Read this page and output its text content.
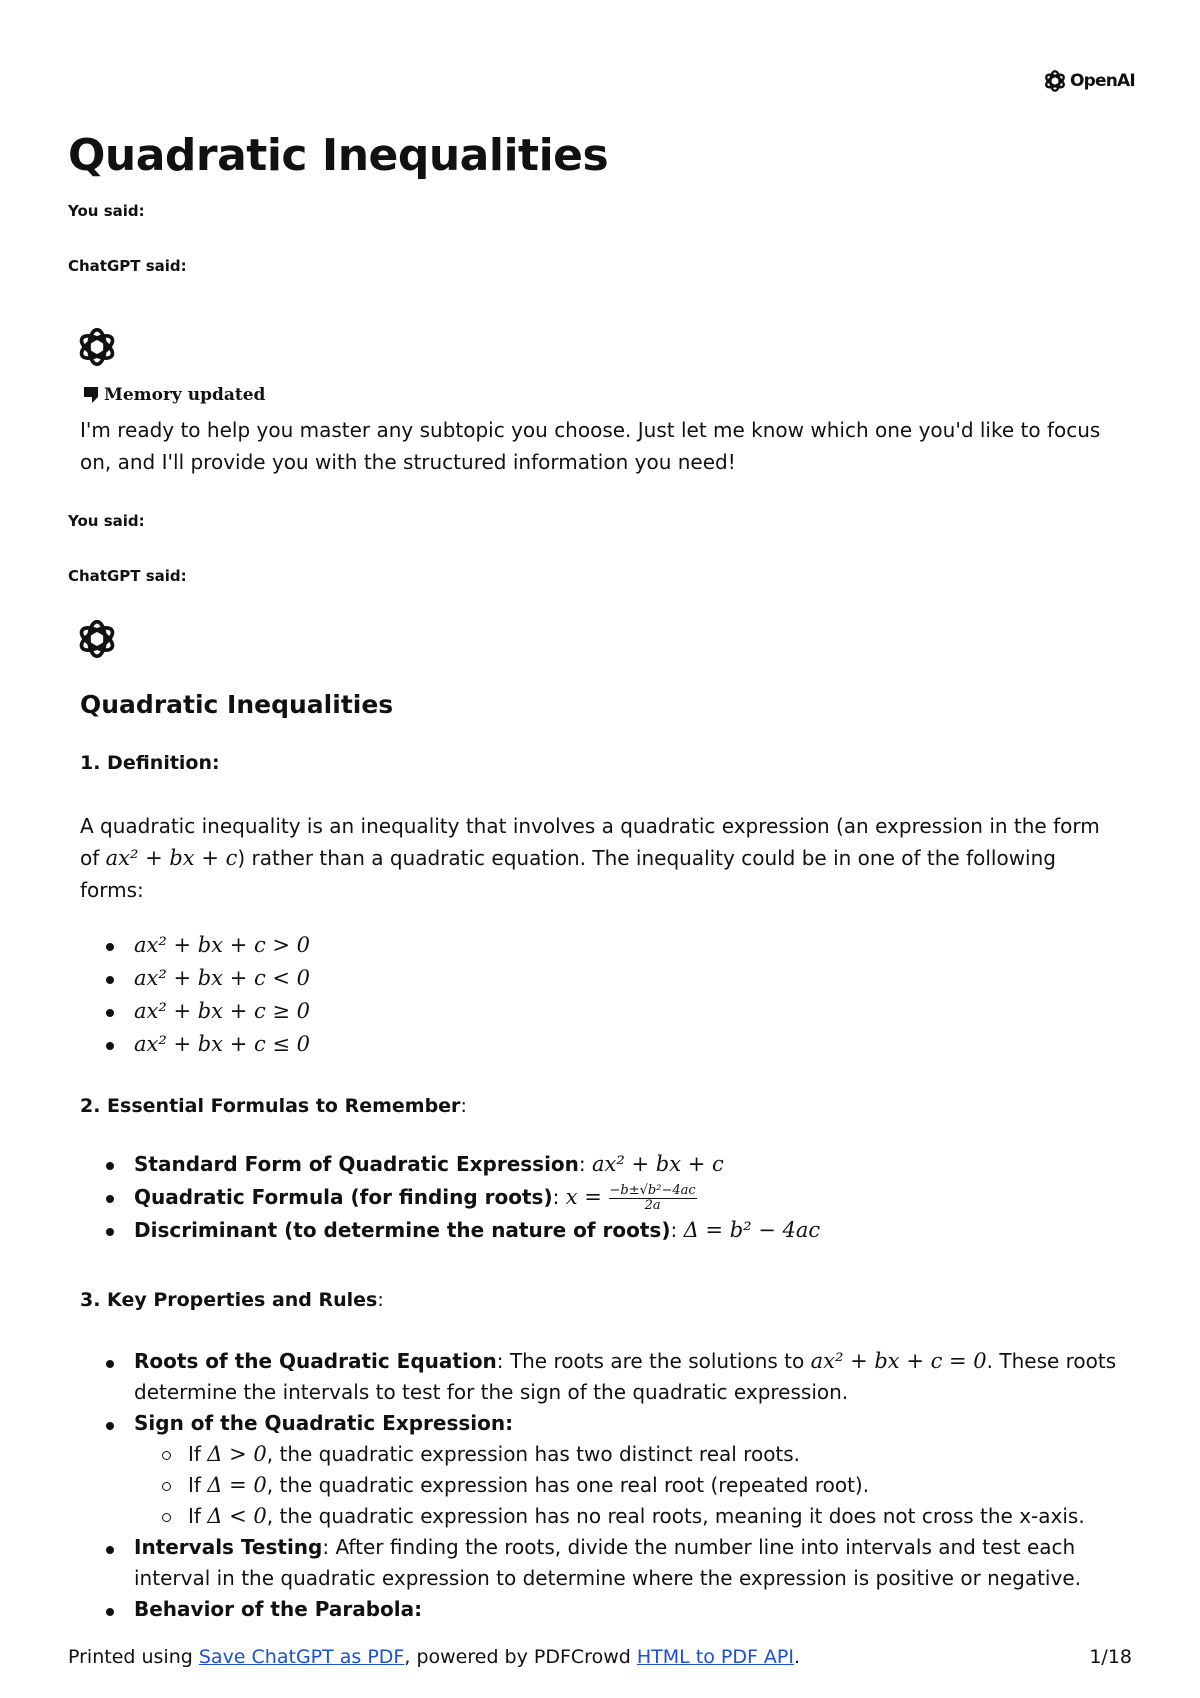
OpenAI
Quadratic Inequalities

You said:

ChatGPT said:

Memory updated

I'm ready to help you master any subtopic you choose. Just let me know which one you'd like to focus on, and I'll provide you with the structured information you need!

You said:

ChatGPT said:

Quadratic Inequalities
1. Definition:

A quadratic inequality is an inequality that involves a quadratic expression (an expression in the form of ax² + bx + c) rather than a quadratic equation. The inequality could be in one of the following forms:

ax² + bx + c > 0
ax² + bx + c < 0
ax² + bx + c ≥ 0
ax² + bx + c ≤ 0
2. Essential Formulas to Remember:
Standard Form of Quadratic Expression: ax² + bx + c
Quadratic Formula (for finding roots): $x = \frac{\text{−b±√b²−4ac}}{2a}$
Discriminant (to determine the nature of roots): Δ = b² − 4ac
3. Key Properties and Rules:
Roots of the Quadratic Equation: The roots are the solutions to ax² + bx + c = 0. These roots determine the intervals to test for the sign of the quadratic expression.
Sign of the Quadratic Expression:
If Δ > 0, the quadratic expression has two distinct real roots.
If Δ = 0, the quadratic expression has one real root (repeated root).
If Δ < 0, the quadratic expression has no real roots, meaning it does not cross the x-axis.
Intervals Testing: After finding the roots, divide the number line into intervals and test each interval in the quadratic expression to determine where the expression is positive or negative.
Behavior of the Parabola:
Printed using Save ChatGPT as PDF, powered by PDFCrowd HTML to PDF API.	1/18
